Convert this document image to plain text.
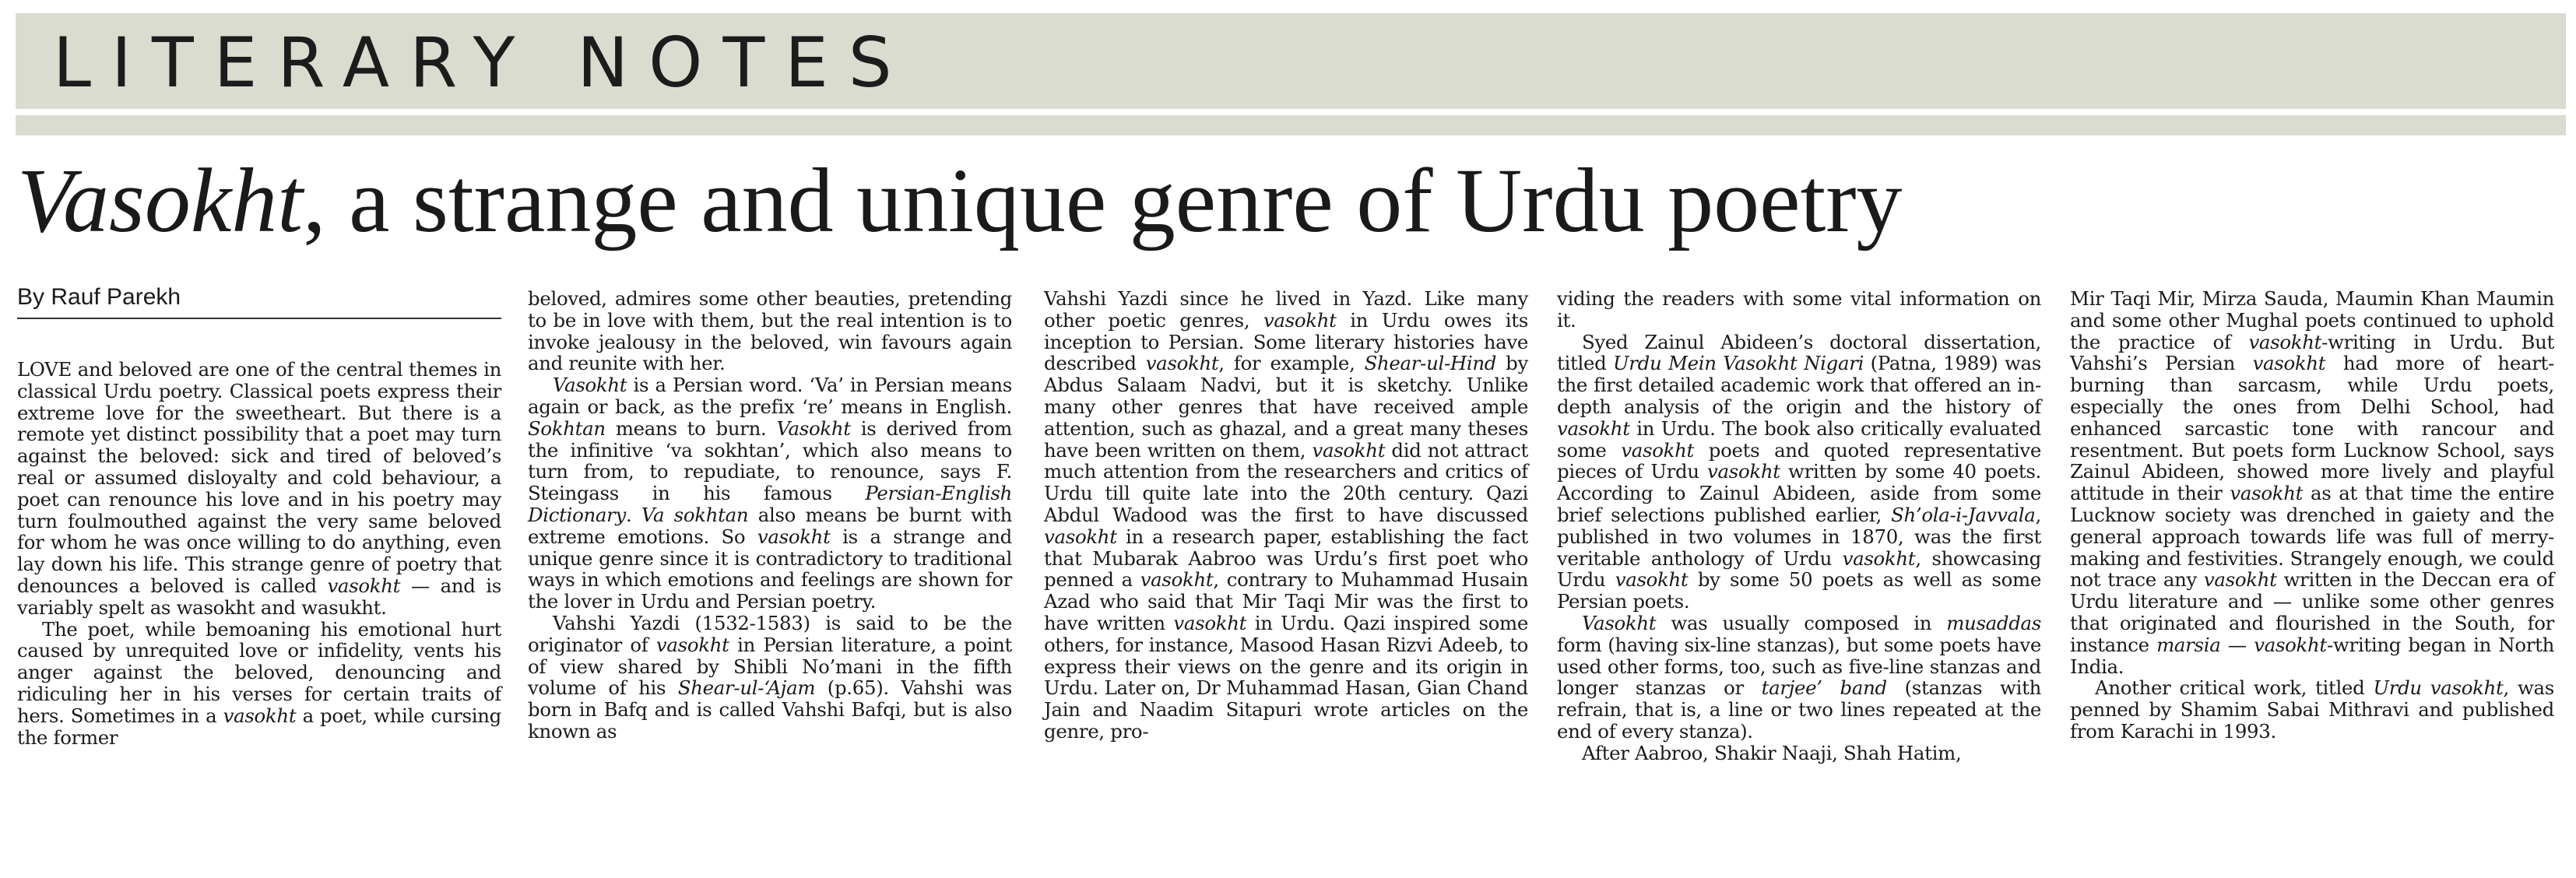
LITERARY NOTES
Vasokht, a strange and unique genre of Urdu poetry
By Rauf Parekh

LOVE and beloved are one of the central themes in classical Urdu poetry. Classical poets express their extreme love for the sweetheart. But there is a remote yet distinct possibility that a poet may turn against the beloved: sick and tired of beloved’s real or assumed disloyalty and cold behaviour, a poet can renounce his love and in his poetry may turn foulmouthed against the very same beloved for whom he was once willing to do anything, even lay down his life. This strange genre of poetry that denounces a beloved is called vasokht — and is variably spelt as wasokht and wasukht.

The poet, while bemoaning his emotional hurt caused by unrequited love or infidelity, vents his anger against the beloved, denouncing and ridiculing her in his verses for certain traits of hers. Sometimes in a vasokht a poet, while cursing the former

beloved, admires some other beauties, pretending to be in love with them, but the real intention is to invoke jealousy in the beloved, win favours again and reunite with her.

Vasokht is a Persian word. ‘Va’ in Persian means again or back, as the prefix ‘re’ means in English. Sokhtan means to burn. Vasokht is derived from the infinitive ‘va sokhtan’, which also means to turn from, to repudiate, to renounce, says F. Steingass in his famous Persian-English Dictionary. Va sokhtan also means be burnt with extreme emotions. So vasokht is a strange and unique genre since it is contradictory to traditional ways in which emotions and feelings are shown for the lover in Urdu and Persian poetry.

Vahshi Yazdi (1532-1583) is said to be the originator of vasokht in Persian literature, a point of view shared by Shibli No’mani in the fifth volume of his Shear-ul-‘Ajam (p.65). Vahshi was born in Bafq and is called Vahshi Bafqi, but is also known as

Vahshi Yazdi since he lived in Yazd. Like many other poetic genres, vasokht in Urdu owes its inception to Persian. Some literary histories have described vasokht, for example, Shear-ul-Hind by Abdus Salaam Nadvi, but it is sketchy. Unlike many other genres that have received ample attention, such as ghazal, and a great many theses have been written on them, vasokht did not attract much attention from the researchers and critics of Urdu till quite late into the 20th century. Qazi Abdul Wadood was the first to have discussed vasokht in a research paper, establishing the fact that Mubarak Aabroo was Urdu’s first poet who penned a vasokht, contrary to Muhammad Husain Azad who said that Mir Taqi Mir was the first to have written vasokht in Urdu. Qazi inspired some others, for instance, Masood Hasan Rizvi Adeeb, to express their views on the genre and its origin in Urdu. Later on, Dr Muhammad Hasan, Gian Chand Jain and Naadim Sitapuri wrote articles on the genre, pro-

viding the readers with some vital information on it.

Syed Zainul Abideen’s doctoral dissertation, titled Urdu Mein Vasokht Nigari (Patna, 1989) was the first detailed academic work that offered an in-depth analysis of the origin and the history of vasokht in Urdu. The book also critically evaluated some vasokht poets and quoted representative pieces of Urdu vasokht written by some 40 poets. According to Zainul Abideen, aside from some brief selections published earlier, Sh’ola-i-Javvala, published in two volumes in 1870, was the first veritable anthology of Urdu vasokht, showcasing Urdu vasokht by some 50 poets as well as some Persian poets.

Vasokht was usually composed in musaddas form (having six-line stanzas), but some poets have used other forms, too, such as five-line stanzas and longer stanzas or tarjee’ band (stanzas with refrain, that is, a line or two lines repeated at the end of every stanza).

After Aabroo, Shakir Naaji, Shah Hatim,

Mir Taqi Mir, Mirza Sauda, Maumin Khan Maumin and some other Mughal poets continued to uphold the practice of vasokht-writing in Urdu. But Vahshi’s Persian vasokht had more of heart-burning than sarcasm, while Urdu poets, especially the ones from Delhi School, had enhanced sarcastic tone with rancour and resentment. But poets form Lucknow School, says Zainul Abideen, showed more lively and playful attitude in their vasokht as at that time the entire Lucknow society was drenched in gaiety and the general approach towards life was full of merry-making and festivities. Strangely enough, we could not trace any vasokht written in the Deccan era of Urdu literature and — unlike some other genres that originated and flourished in the South, for instance marsia — vasokht-writing began in North India.

Another critical work, titled Urdu vasokht, was penned by Shamim Sabai Mithravi and published from Karachi in 1993.
